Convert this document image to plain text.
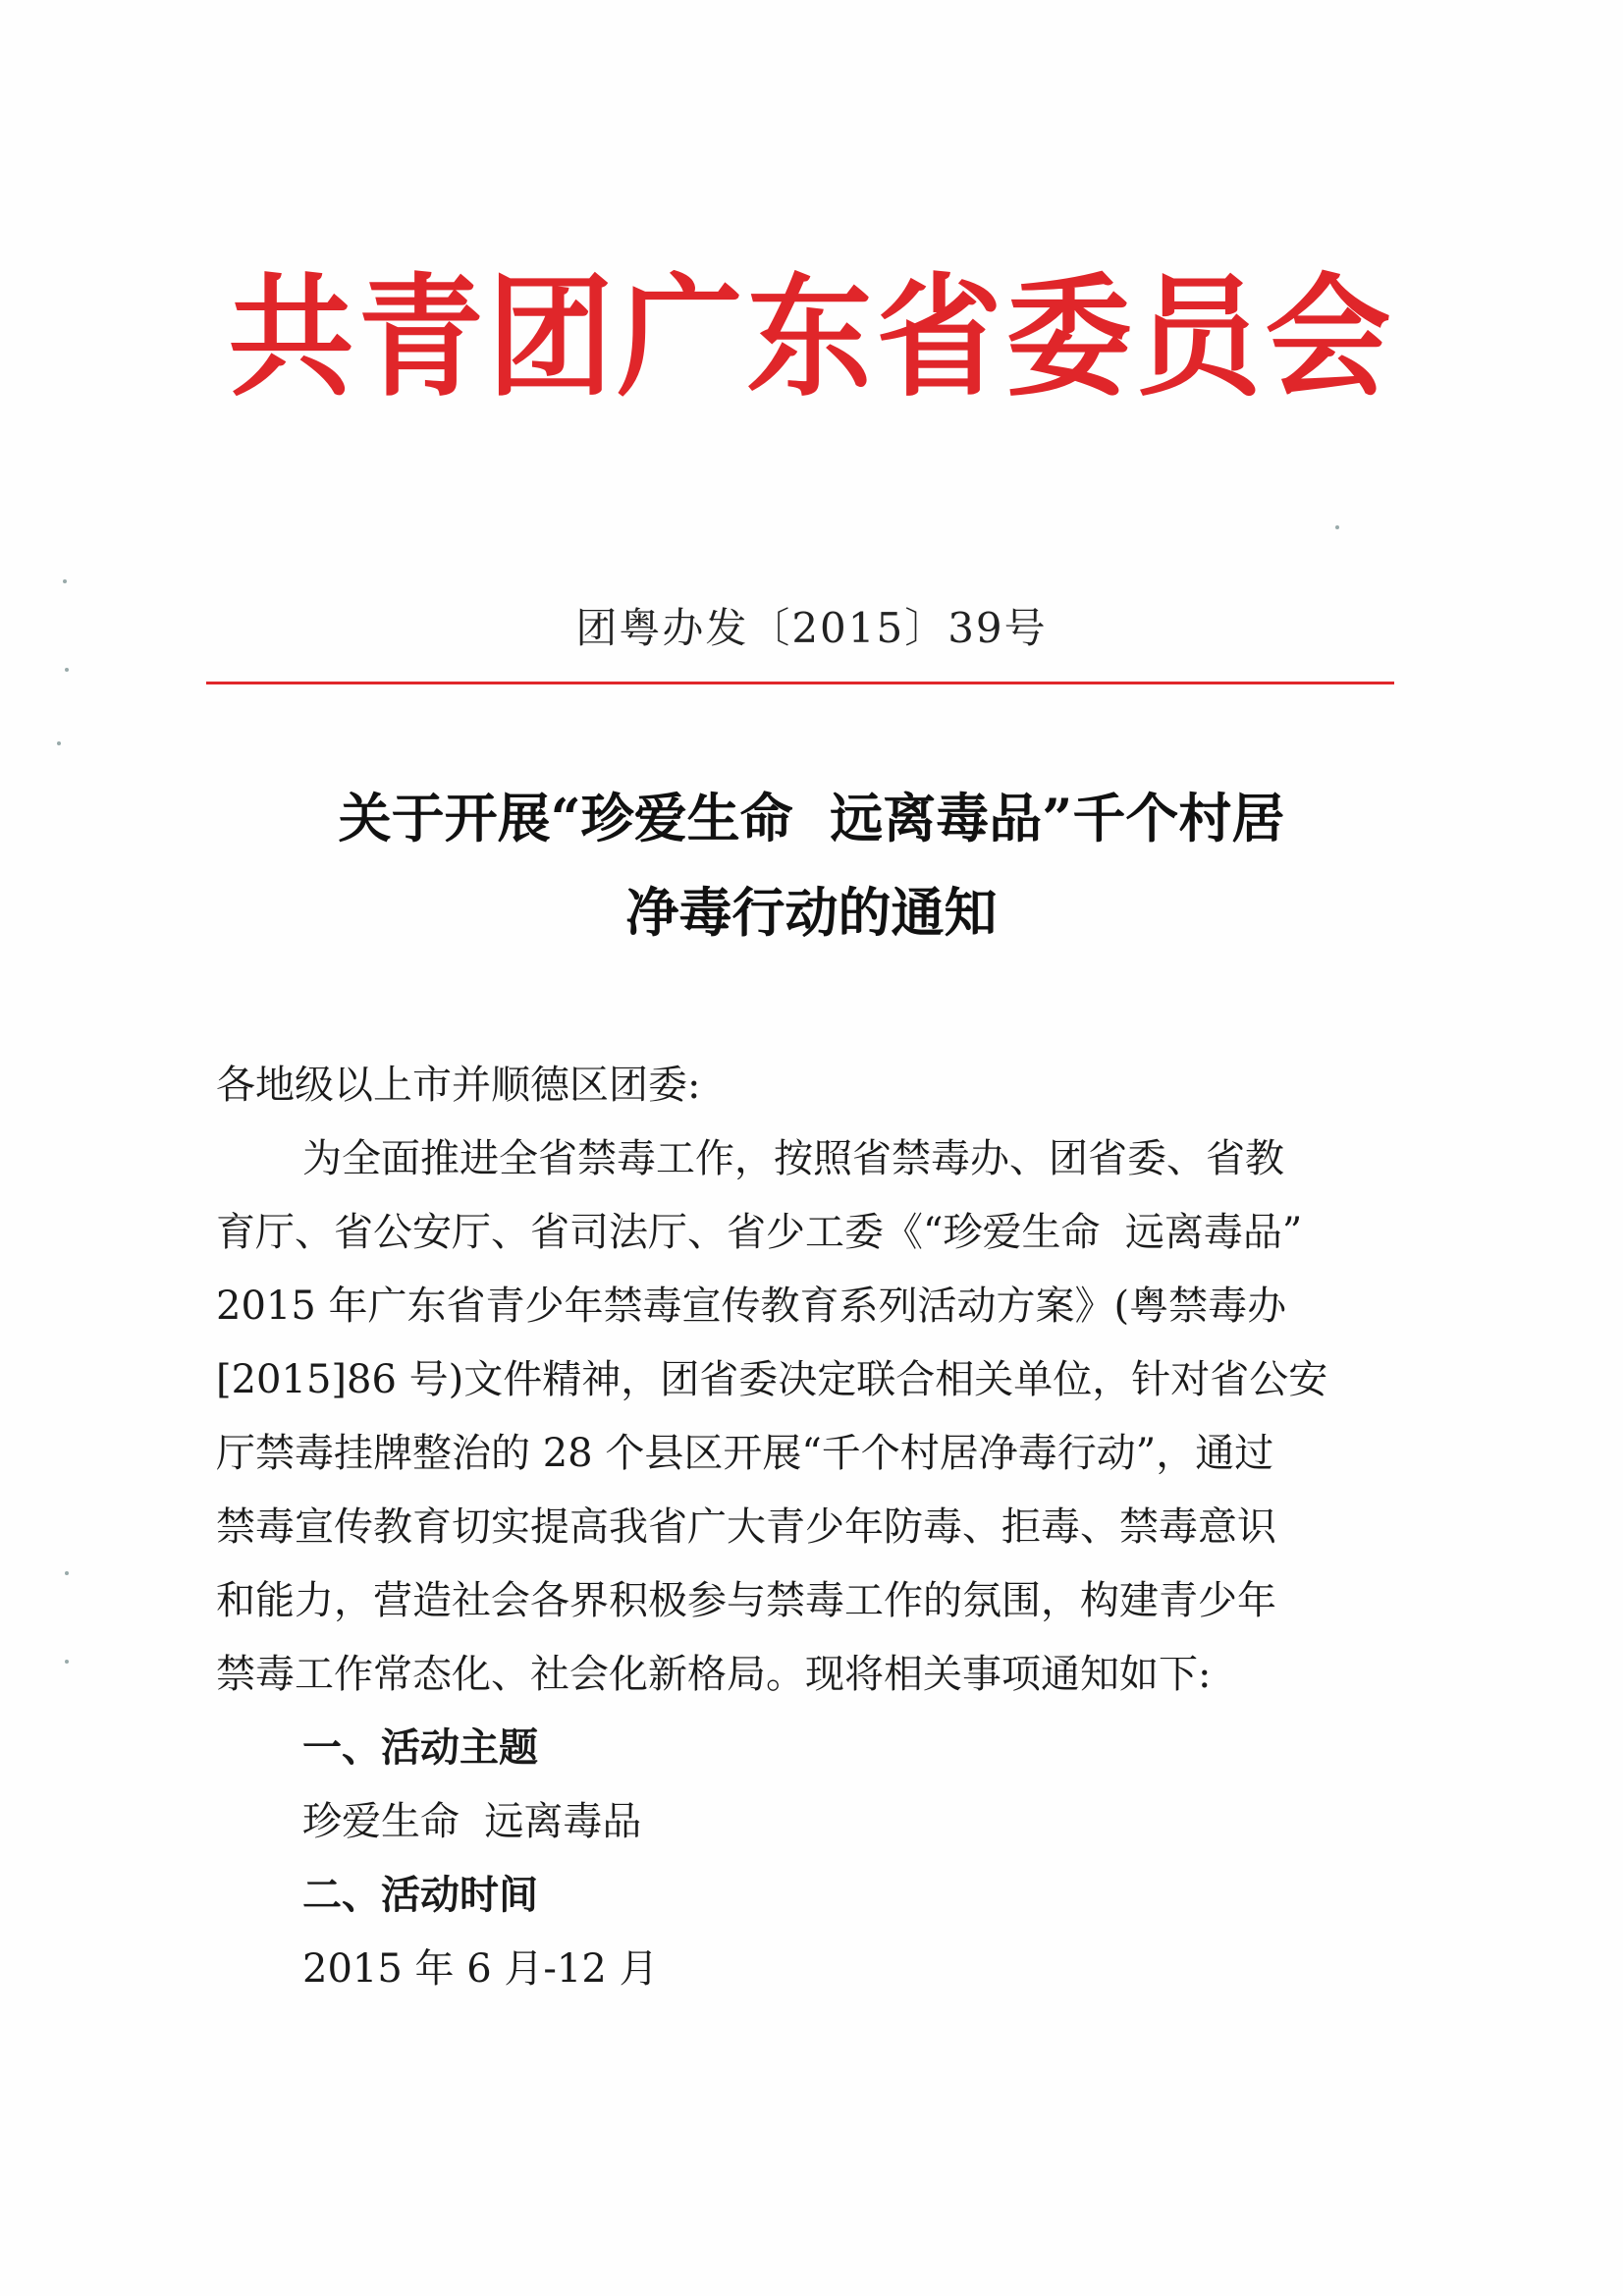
共青团广东省委员会
团粤办发〔2015〕39号
关于开展“珍爱生命  远离毒品”千个村居
净毒行动的通知
各地级以上市并顺德区团委:
为全面推进全省禁毒工作，按照省禁毒办、团省委、省教
育厅、省公安厅、省司法厅、省少工委《“珍爱生命  远离毒品”
2015 年广东省青少年禁毒宣传教育系列活动方案》(粤禁毒办
[2015]86 号)文件精神，团省委决定联合相关单位，针对省公安
厅禁毒挂牌整治的 28 个县区开展“千个村居净毒行动”，通过
禁毒宣传教育切实提高我省广大青少年防毒、拒毒、禁毒意识
和能力，营造社会各界积极参与禁毒工作的氛围，构建青少年
禁毒工作常态化、社会化新格局。现将相关事项通知如下:
一、活动主题
珍爱生命  远离毒品
二、活动时间
2015 年 6 月-12 月
